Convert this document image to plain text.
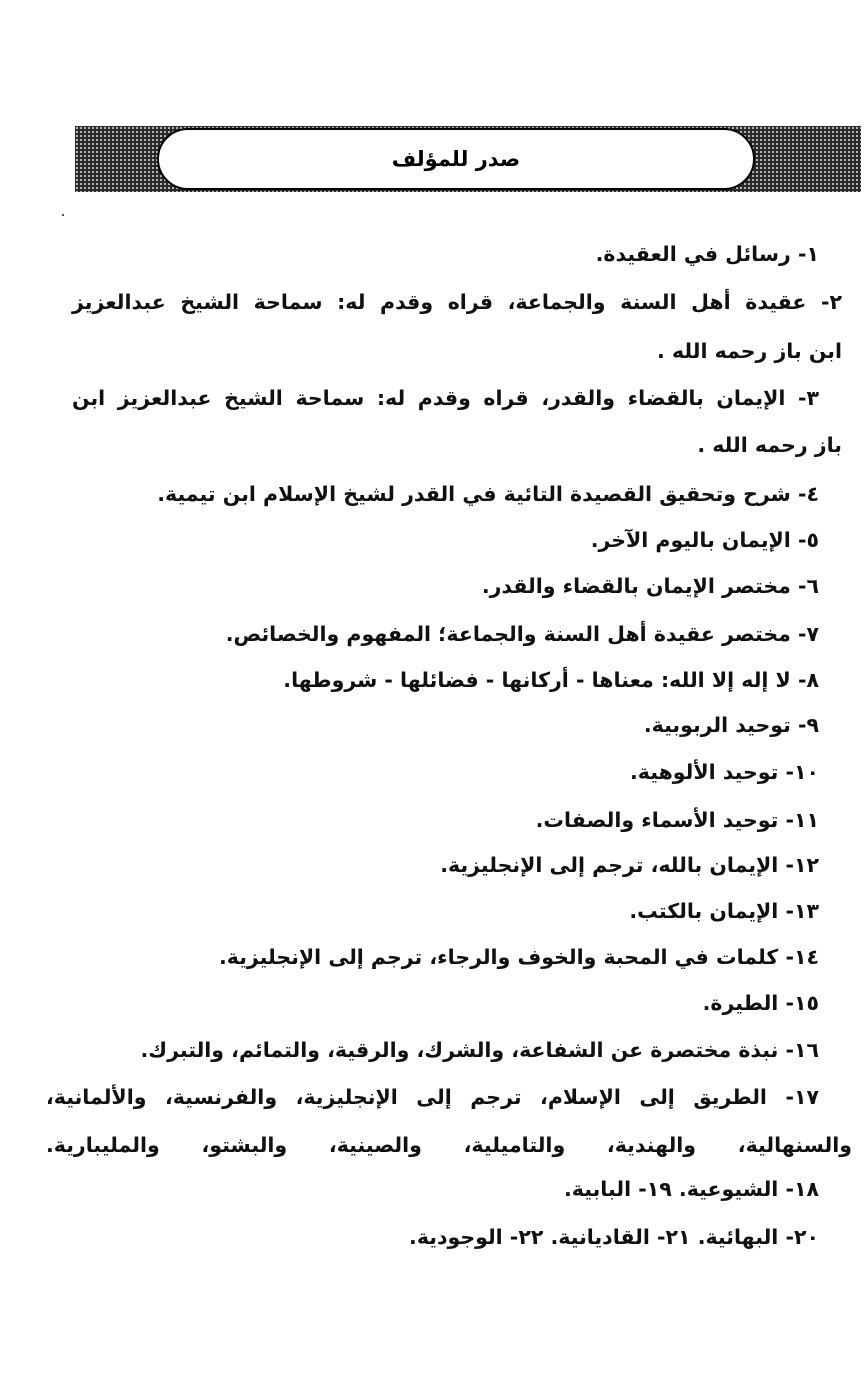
صدر للمؤلف
١- رسائل في العقيدة.
٢- عقيدة أهل السنة والجماعة، قراه وقدم له: سماحة الشيخ عبدالعزيز
ابن باز رحمه الله .
٣- الإيمان بالقضاء والقدر، قراه وقدم له: سماحة الشيخ عبدالعزيز ابن
باز رحمه الله .
٤- شرح وتحقيق القصيدة التائية في القدر لشيخ الإسلام ابن تيمية.
٥- الإيمان باليوم الآخر.
٦- مختصر الإيمان بالقضاء والقدر.
٧- مختصر عقيدة أهل السنة والجماعة؛ المفهوم والخصائص.
٨- لا إله إلا الله: معناها - أركانها - فضائلها - شروطها.
٩- توحيد الربوبية.
١٠- توحيد الألوهية.
١١- توحيد الأسماء والصفات.
١٢- الإيمان بالله، ترجم إلى الإنجليزية.
١٣- الإيمان بالكتب.
١٤- كلمات في المحبة والخوف والرجاء، ترجم إلى الإنجليزية.
١٥- الطيرة.
١٦- نبذة مختصرة عن الشفاعة، والشرك، والرقية، والتمائم، والتبرك.
١٧- الطريق إلى الإسلام، ترجم إلى الإنجليزية، والفرنسية، والألمانية،
والسنهالية، والهندية، والتاميلية، والصينية، والبشتو، والمليبارية.
١٨- الشيوعية. ١٩- البابية.
٢٠- البهائية. ٢١- القاديانية. ٢٢- الوجودية.
